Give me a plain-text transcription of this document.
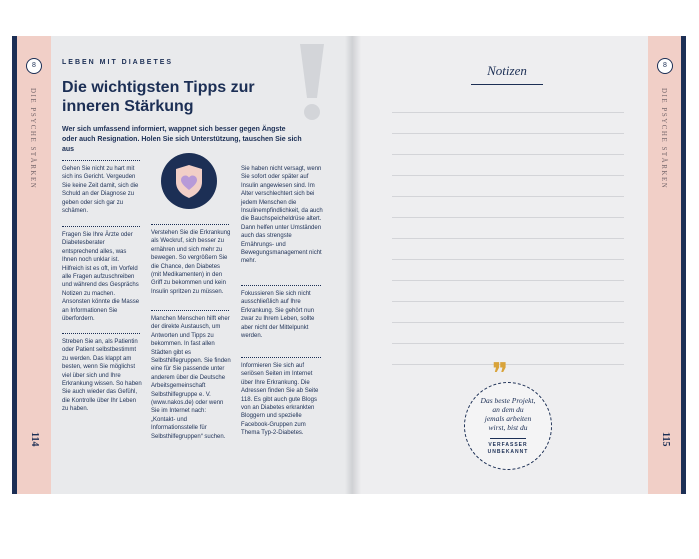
8
DIE PSYCHE STÄRKEN
114
8
DIE PSYCHE STÄRKEN
115
LEBEN MIT DIABETES
Die wichtigsten Tipps zur
inneren Stärkung
Wer sich umfassend informiert, wappnet sich besser gegen Ängste oder auch Resignation. Holen Sie sich Unterstützung, tauschen Sie sich aus
Gehen Sie nicht zu hart mit sich ins Gericht. Vergeuden Sie keine Zeit damit, sich die Schuld an der Diagnose zu geben oder sich gar zu schämen.
Fragen Sie Ihre Ärzte oder Diabetesberater entsprechend alles, was Ihnen noch unklar ist. Hilfreich ist es oft, im Vorfeld alle Fragen aufzuschreiben und während des Gesprächs Notizen zu machen. Ansonsten könnte die Masse an Informationen Sie überfordern.
Streben Sie an, als Patientin oder Patient selbstbestimmt zu werden. Das klappt am besten, wenn Sie möglichst viel über sich und Ihre Erkrankung wissen. So haben Sie auch wieder das Gefühl, die Kontrolle über Ihr Leben zu haben.
Verstehen Sie die Erkrankung als Weckruf, sich besser zu ernähren und sich mehr zu bewegen. So vergrößern Sie die Chance, den Diabetes (mit Medikamenten) in den Griff zu bekommen und kein Insulin spritzen zu müssen.
Manchen Menschen hilft eher der direkte Austausch, um Antworten und Tipps zu bekommen. In fast allen Städten gibt es Selbsthilfegruppen. Sie finden eine für Sie passende unter anderem über die Deutsche Arbeitsgemeinschaft Selbsthilfegruppe e. V. (www.nakos.de) oder wenn Sie im Internet nach: „Kontakt- und Informationsstelle für Selbsthilfegruppen“ suchen.
Sie haben nicht versagt, wenn Sie sofort oder später auf Insulin angewiesen sind. Im Alter verschlechtert sich bei jedem Menschen die Insulinempfindlichkeit, da auch die Bauchspeicheldrüse altert. Dann helfen unter Umständen auch das strengste Ernährungs- und Bewegungsmanagement nicht mehr.
Fokussieren Sie sich nicht ausschließlich auf Ihre Erkrankung. Sie gehört nun zwar zu Ihrem Leben, sollte aber nicht der Mittelpunkt werden.
Informieren Sie sich auf seriösen Seiten im Internet über Ihre Erkrankung. Die Adressen finden Sie ab Seite 118. Es gibt auch gute Blogs von an Diabetes erkrankten Bloggern und spezielle Facebook-Gruppen zum Thema Typ-2-Diabetes.
Notizen
❞
Das beste Projekt,
an dem du
jemals arbeiten
wirst, bist du
VERFASSER
UNBEKANNT
